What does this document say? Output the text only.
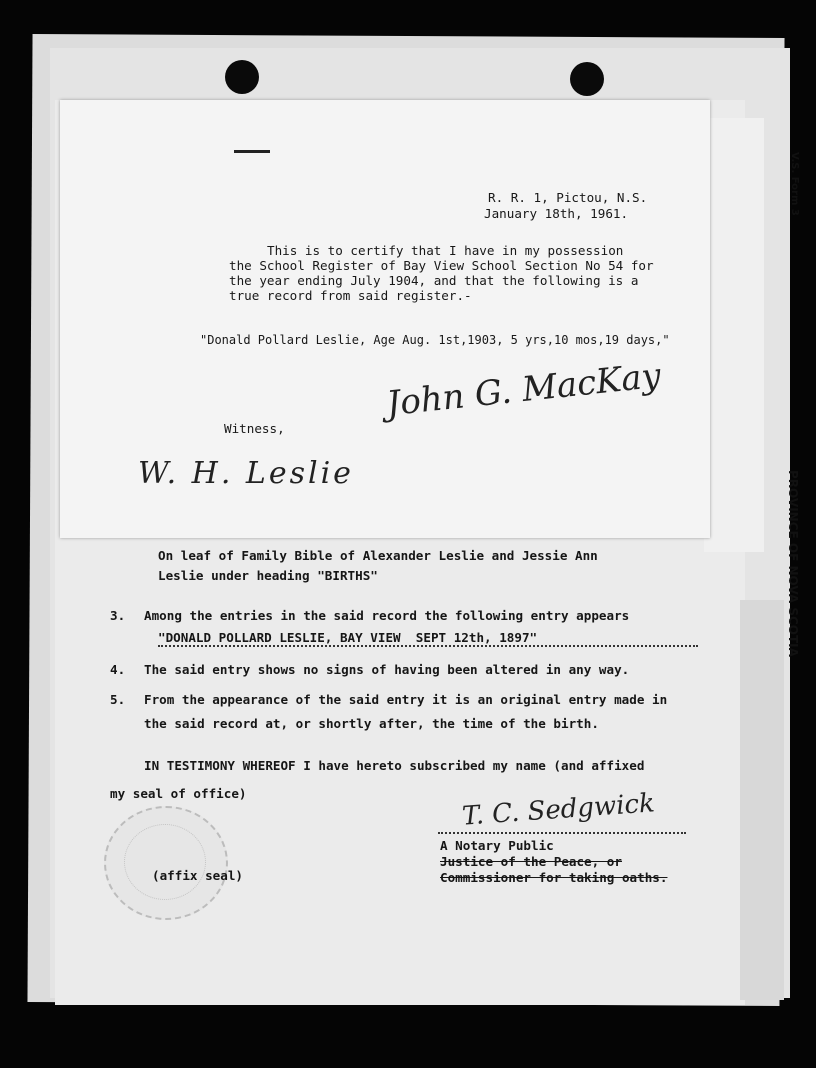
PROVINCE OF NOVA SCOTIA
V.S. Form 3
R. R. 1, Pictou, N.S.
January 18th, 1961.
This is to certify that I have in my possession
the School Register of Bay View School Section No 54 for
the year ending July 1904, and that the following is a
true record from said register.-
"Donald Pollard Leslie, Age Aug. 1st,1903, 5 yrs,10 mos,19 days,"
John G. MacKay
Witness,
W. H. Leslie
On leaf of Family Bible of Alexander Leslie and Jessie Ann
Leslie under heading "BIRTHS"
3. Among the entries in the said record the following entry appears
"DONALD POLLARD LESLIE, BAY VIEW  SEPT 12th, 1897"
4. The said entry shows no signs of having been altered in any way.
5. From the appearance of the said entry it is an original entry made in
the said record at, or shortly after, the time of the birth.
IN TESTIMONY WHEREOF I have hereto subscribed my name (and affixed
my seal of office)	T. C. Sedgwick
(affix seal)
A Notary Public
Justice of the Peace, or
Commissioner for taking oaths.
